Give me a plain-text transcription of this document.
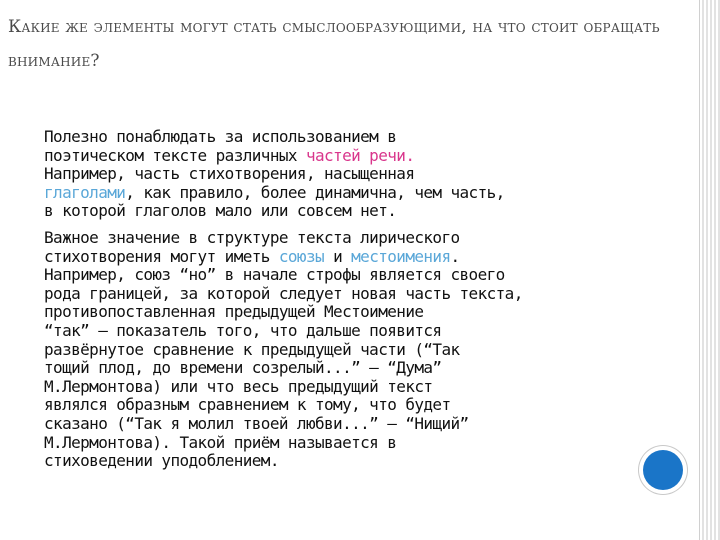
Какие же элементы могут стать смыслообразующими, на что стоит обращать внимание?

Полезно понаблюдать за использованием в
поэтическом тексте различных частей речи.
Например, часть стихотворения, насыщенная
глаголами, как правило, более динамична, чем часть,
в которой глаголов мало или совсем нет.

Важное значение в структуре текста лирического
стихотворения могут иметь союзы и местоимения.
Например, союз “но” в начале строфы является своего
рода границей, за которой следует новая часть текста,
противопоставленная предыдущей Местоимение
“так” — показатель того, что дальше появится
развёрнутое сравнение к предыдущей части (“Так
тощий плод, до времени созрелый...” — “Дума”
М.Лермонтова) или что весь предыдущий текст
являлся образным сравнением к тому, что будет
сказано (“Так я молил твоей любви...” — “Нищий”
М.Лермонтова). Такой приём называется в
стиховедении уподоблением.
